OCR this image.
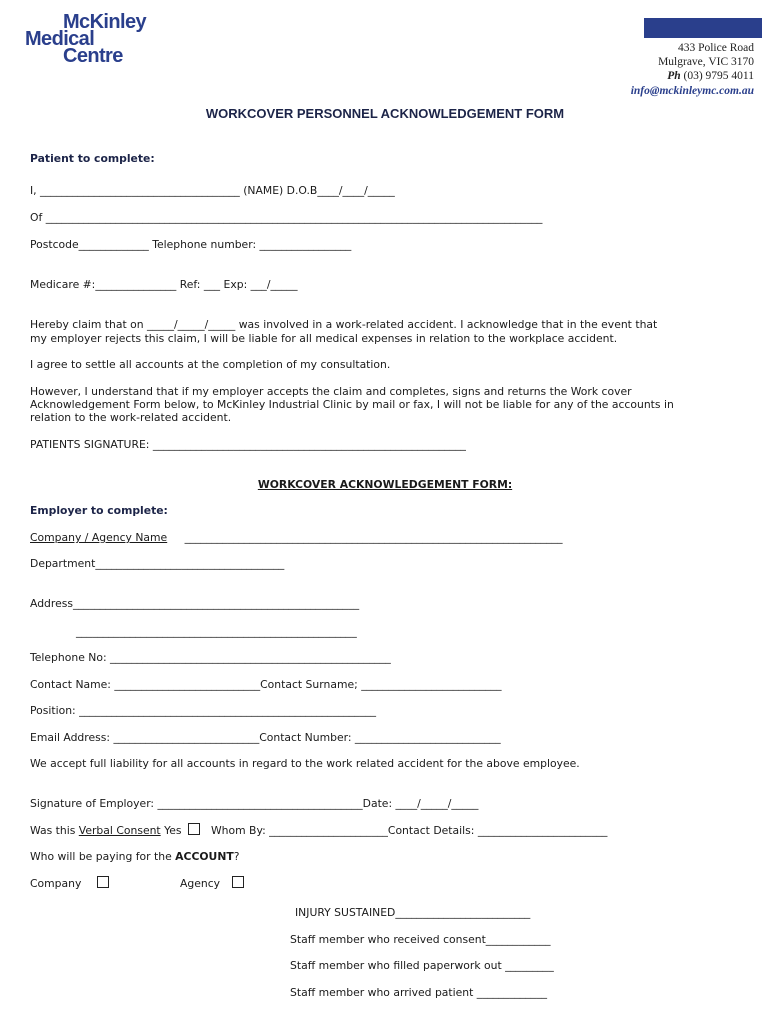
McKinley
Medical
Centre	433 Police Road
Mulgrave, VIC 3170
Ph (03) 9795 4011
info@mckinleymc.com.au
WORKCOVER PERSONNEL ACKNOWLEDGEMENT FORM
Patient to complete:
I, _____________________________________ (NAME) D.O.B____/____/_____
Of ____________________________________________________________________________________________
Postcode_____________ Telephone number: _________________
Medicare #:_______________ Ref: ___ Exp: ___/_____
Hereby claim that on _____/_____/_____ was involved in a work-related accident. I acknowledge that in the event that
my employer rejects this claim, I will be liable for all medical expenses in relation to the workplace accident.
I agree to settle all accounts at the completion of my consultation.
However, I understand that if my employer accepts the claim and completes, signs and returns the Work cover
Acknowledgement Form below, to McKinley Industrial Clinic by mail or fax, I will not be liable for any of the accounts in
relation to the work-related accident.
PATIENTS SIGNATURE: __________________________________________________________
WORKCOVER ACKNOWLEDGEMENT FORM:
Employer to complete:
Company / Agency Name ______________________________________________________________________
Department___________________________________
Address_____________________________________________________
____________________________________________________
Telephone No: ____________________________________________________
Contact Name: ___________________________Contact Surname; __________________________
Position: _______________________________________________________
Email Address: ___________________________Contact Number: ___________________________
We accept full liability for all accounts in regard to the work related accident for the above employee.
Signature of Employer: ______________________________________Date: ____/_____/_____
Was this Verbal Consent Yes	Whom By: ______________________Contact Details: ________________________
Who will be paying for the ACCOUNT?
Company	Agency
INJURY SUSTAINED_________________________
Staff member who received consent____________
Staff member who filled paperwork out _________
Staff member who arrived patient _____________
